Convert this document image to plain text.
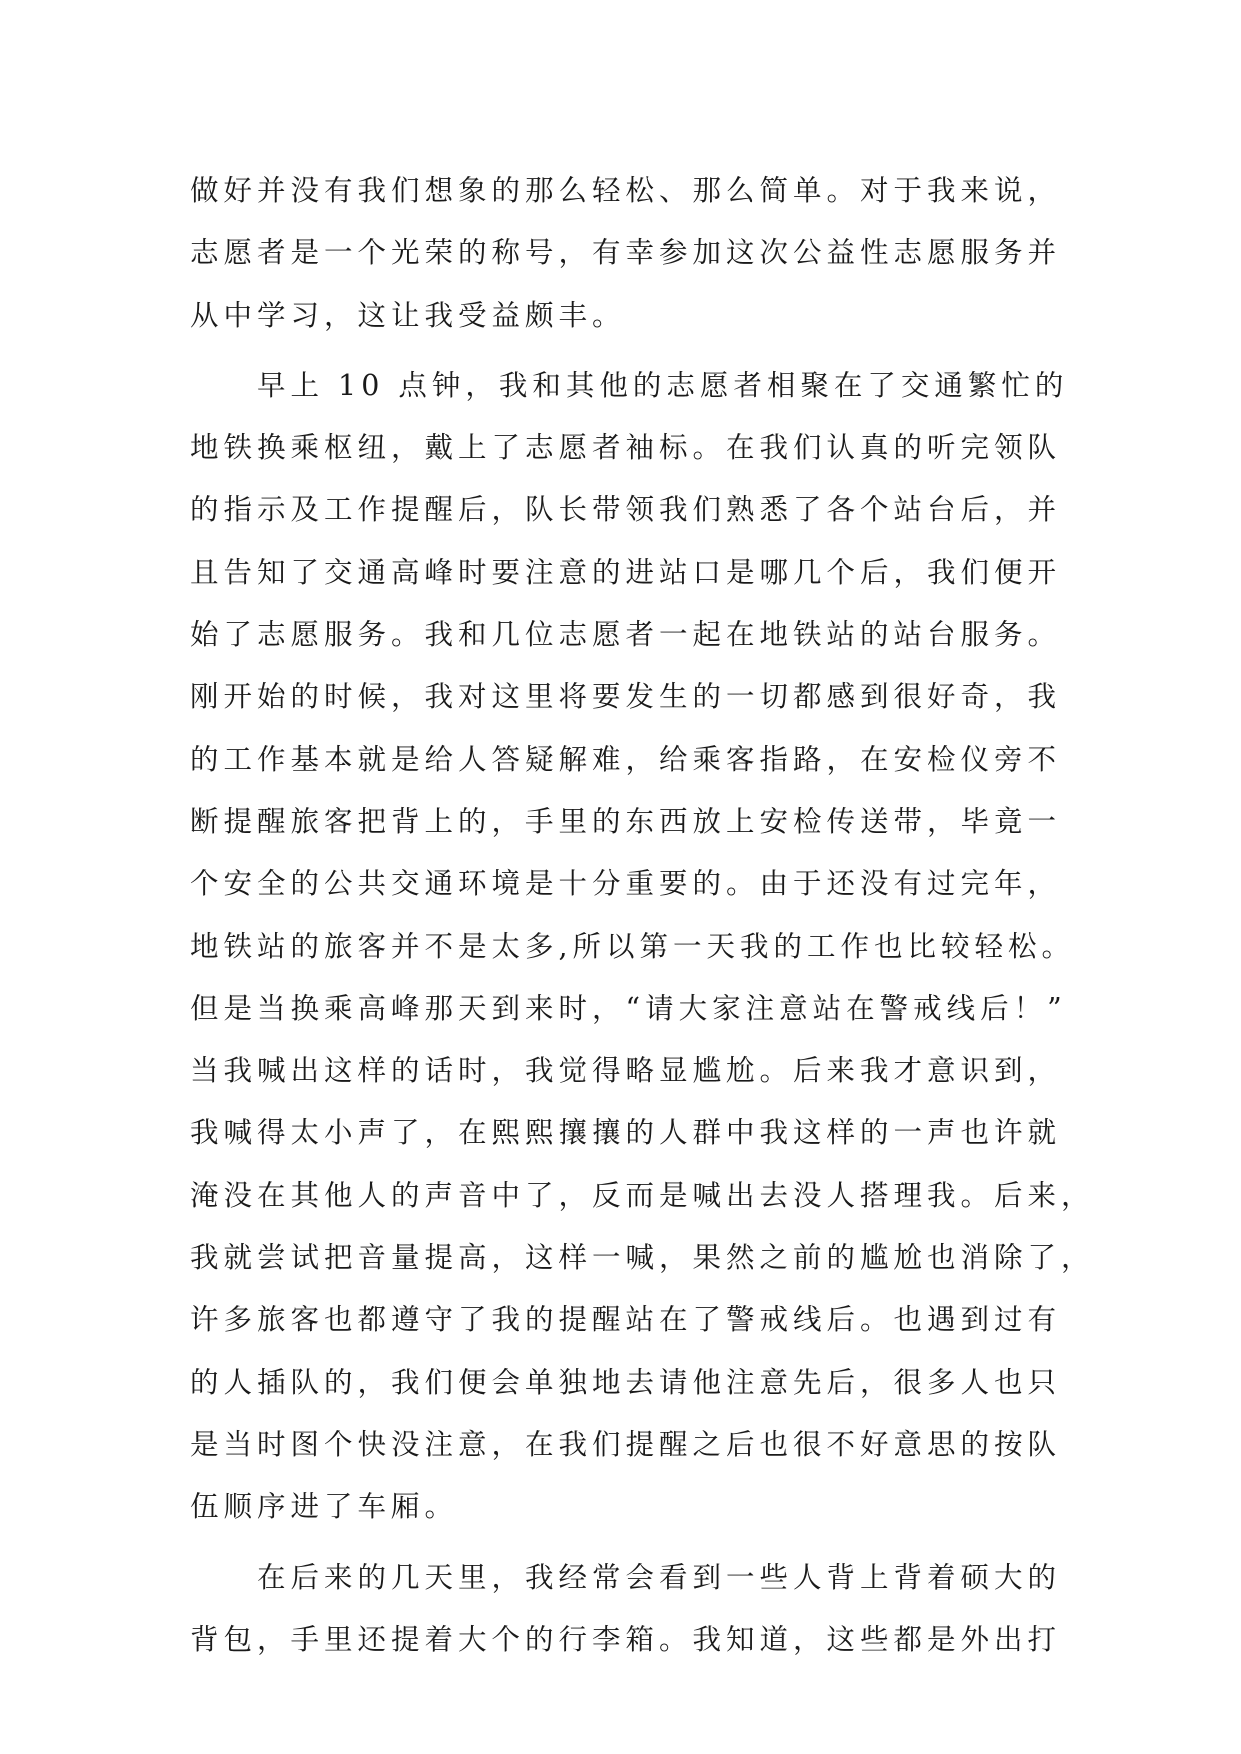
做好并没有我们想象的那么轻松、那么简单。对于我来说，
志愿者是一个光荣的称号，有幸参加这次公益性志愿服务并
从中学习，这让我受益颇丰。
早上 10 点钟，我和其他的志愿者相聚在了交通繁忙的
地铁换乘枢纽，戴上了志愿者袖标。在我们认真的听完领队
的指示及工作提醒后，队长带领我们熟悉了各个站台后，并
且告知了交通高峰时要注意的进站口是哪几个后，我们便开
始了志愿服务。我和几位志愿者一起在地铁站的站台服务。
刚开始的时候，我对这里将要发生的一切都感到很好奇，我
的工作基本就是给人答疑解难，给乘客指路，在安检仪旁不
断提醒旅客把背上的，手里的东西放上安检传送带，毕竟一
个安全的公共交通环境是十分重要的。由于还没有过完年，
地铁站的旅客并不是太多,所以第一天我的工作也比较轻松。
但是当换乘高峰那天到来时，“请大家注意站在警戒线后！”
当我喊出这样的话时，我觉得略显尴尬。后来我才意识到，
我喊得太小声了，在熙熙攘攘的人群中我这样的一声也许就
淹没在其他人的声音中了，反而是喊出去没人搭理我。后来，
我就尝试把音量提高，这样一喊，果然之前的尴尬也消除了，
许多旅客也都遵守了我的提醒站在了警戒线后。也遇到过有
的人插队的，我们便会单独地去请他注意先后，很多人也只
是当时图个快没注意，在我们提醒之后也很不好意思的按队
伍顺序进了车厢。
在后来的几天里，我经常会看到一些人背上背着硕大的
背包，手里还提着大个的行李箱。我知道，这些都是外出打
